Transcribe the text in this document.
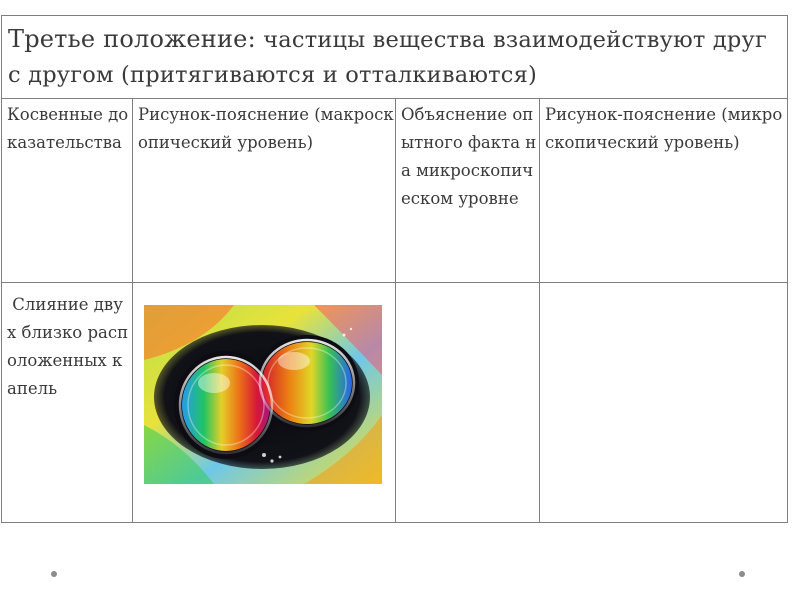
Третье положение: частицы вещества взаимодействуют друг с другом (притягиваются и отталкиваются)			

Косвенные доказательства	Рисунок-пояснение (макроскопический уровень)	Объяснение опытного факта на микроскопическом уровне	Рисунок-пояснение (микроскопический уровень)

Слияние двух близко расположенных капель
